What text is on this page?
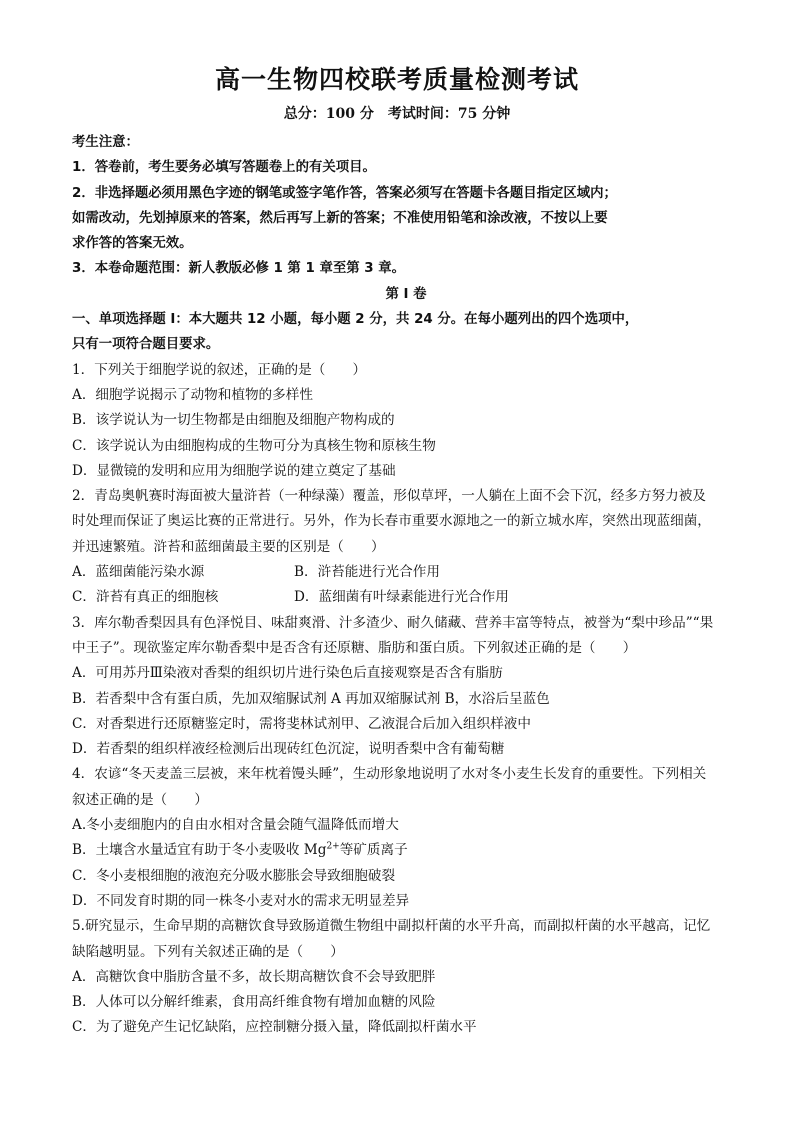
高一生物四校联考质量检测考试
总分：100 分　考试时间：75 分钟
考生注意：
1．答卷前，考生要务必填写答题卷上的有关项目。
2．非选择题必须用黑色字迹的钢笔或签字笔作答，答案必须写在答题卡各题目指定区域内；
如需改动，先划掉原来的答案，然后再写上新的答案；不准使用铅笔和涂改液，不按以上要
求作答的答案无效。
3．本卷命题范围：新人教版必修 1 第 1 章至第 3 章。
第 I 卷
一、单项选择题 I：本大题共 12 小题，每小题 2 分，共 24 分。在每小题列出的四个选项中，
只有一项符合题目要求。
1．下列关于细胞学说的叙述，正确的是（　　）
A．细胞学说揭示了动物和植物的多样性
B．该学说认为一切生物都是由细胞及细胞产物构成的
C．该学说认为由细胞构成的生物可分为真核生物和原核生物
D．显微镜的发明和应用为细胞学说的建立奠定了基础
2．青岛奥帆赛时海面被大量浒苔（一种绿藻）覆盖，形似草坪，一人躺在上面不会下沉，经多方努力被及
时处理而保证了奥运比赛的正常进行。另外，作为长春市重要水源地之一的新立城水库，突然出现蓝细菌，
并迅速繁殖。浒苔和蓝细菌最主要的区别是（　　）
A．蓝细菌能污染水源	B．浒苔能进行光合作用
C．浒苔有真正的细胞核	D．蓝细菌有叶绿素能进行光合作用
3．库尔勒香梨因具有色泽悦目、味甜爽滑、汁多渣少、耐久储藏、营养丰富等特点，被誉为“梨中珍品”“果
中王子”。现欲鉴定库尔勒香梨中是否含有还原糖、脂肪和蛋白质。下列叙述正确的是（　　）
A．可用苏丹Ⅲ染液对香梨的组织切片进行染色后直接观察是否含有脂肪
B．若香梨中含有蛋白质，先加双缩脲试剂 A 再加双缩脲试剂 B，水浴后呈蓝色
C．对香梨进行还原糖鉴定时，需将斐林试剂甲、乙液混合后加入组织样液中
D．若香梨的组织样液经检测后出现砖红色沉淀，说明香梨中含有葡萄糖
4．农谚“冬天麦盖三层被，来年枕着馒头睡”，生动形象地说明了水对冬小麦生长发育的重要性。下列相关
叙述正确的是（　　）
A.冬小麦细胞内的自由水相对含量会随气温降低而增大
B．土壤含水量适宜有助于冬小麦吸收 $Mg^{2+}$等矿质离子
C．冬小麦根细胞的液泡充分吸水膨胀会导致细胞破裂
D．不同发育时期的同一株冬小麦对水的需求无明显差异
5.研究显示，生命早期的高糖饮食导致肠道微生物组中副拟杆菌的水平升高，而副拟杆菌的水平越高，记忆
缺陷越明显。下列有关叙述正确的是（　　）
A．高糖饮食中脂肪含量不多，故长期高糖饮食不会导致肥胖
B．人体可以分解纤维素，食用高纤维食物有增加血糖的风险
C．为了避免产生记忆缺陷，应控制糖分摄入量，降低副拟杆菌水平
